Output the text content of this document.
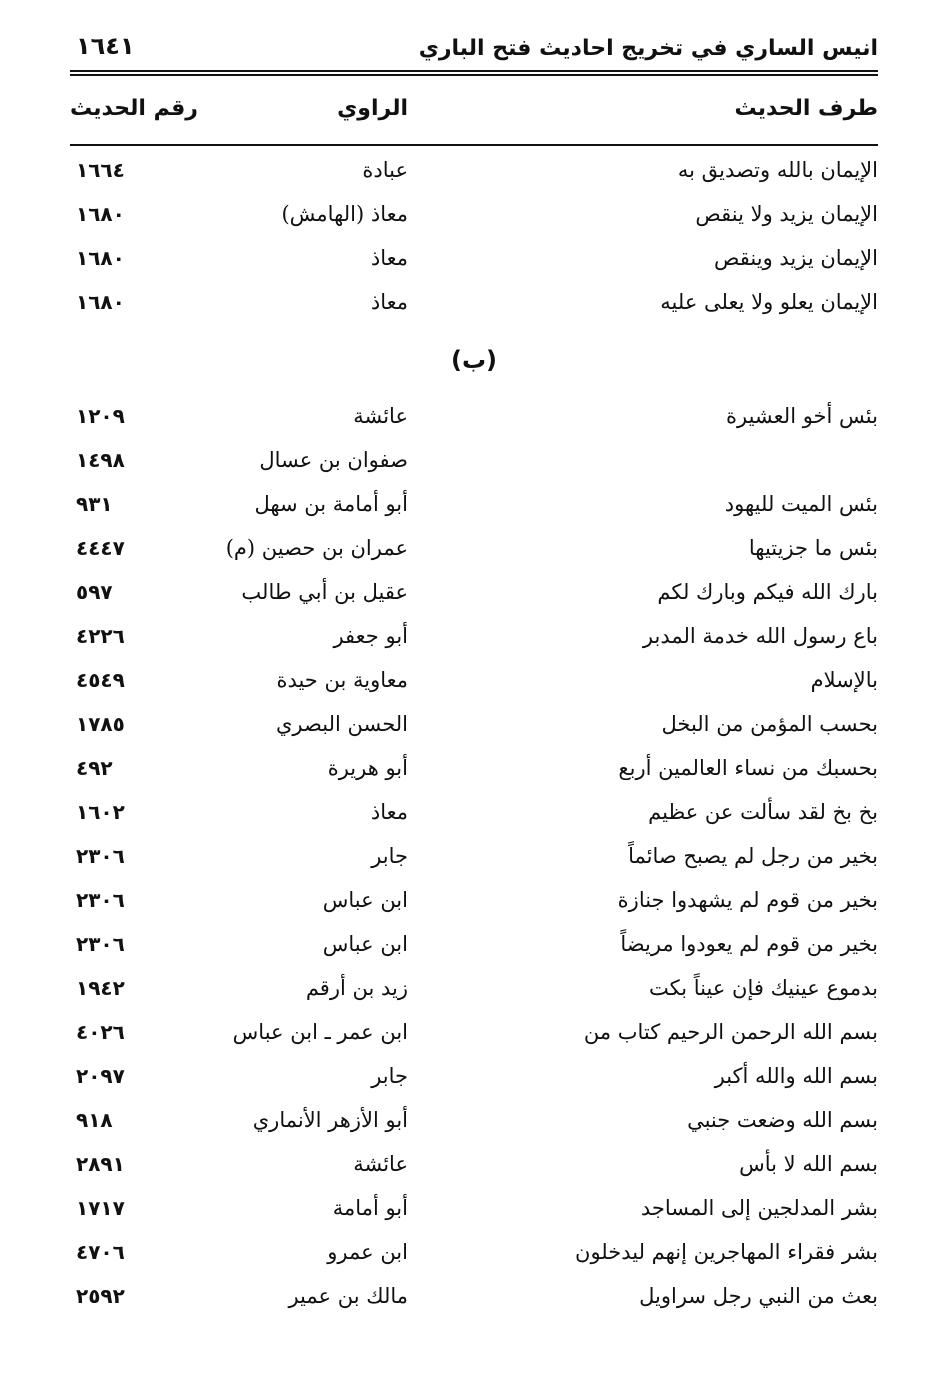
انيس الساري في تخريج احاديث فتح الباري
١٦٤١
طرف الحديث
الراوي
رقم الحديث
الإيمان بالله وتصديق به
عبادة
١٦٦٤
الإيمان يزيد ولا ينقص
معاذ (الهامش)
١٦٨٠
الإيمان يزيد وينقص
معاذ
١٦٨٠
الإيمان يعلو ولا يعلى عليه
معاذ
١٦٨٠
(ب)
بئس أخو العشيرة
عائشة
١٢٠٩
صفوان بن عسال
١٤٩٨
بئس الميت لليهود
أبو أمامة بن سهل
٩٣١
بئس ما جزيتيها
عمران بن حصين (م)
٤٤٤٧
بارك الله فيكم وبارك لكم
عقيل بن أبي طالب
٥٩٧
باع رسول الله خدمة المدبر
أبو جعفر
٤٢٢٦
بالإسلام
معاوية بن حيدة
٤٥٤٩
بحسب المؤمن من البخل
الحسن البصري
١٧٨٥
بحسبك من نساء العالمين أربع
أبو هريرة
٤٩٢
بخ بخ لقد سألت عن عظيم
معاذ
١٦٠٢
بخير من رجل لم يصبح صائماً
جابر
٢٣٠٦
بخير من قوم لم يشهدوا جنازة
ابن عباس
٢٣٠٦
بخير من قوم لم يعودوا مريضاً
ابن عباس
٢٣٠٦
بدموع عينيك فإن عيناً بكت
زيد بن أرقم
١٩٤٢
بسم الله الرحمن الرحيم كتاب من
ابن عمر ـ ابن عباس
٤٠٢٦
بسم الله والله أكبر
جابر
٢٠٩٧
بسم الله وضعت جنبي
أبو الأزهر الأنماري
٩١٨
بسم الله لا بأس
عائشة
٢٨٩١
بشر المدلجين إلى المساجد
أبو أمامة
١٧١٧
بشر فقراء المهاجرين إنهم ليدخلون
ابن عمرو
٤٧٠٦
بعث من النبي رجل سراويل
مالك بن عمير
٢٥٩٢
